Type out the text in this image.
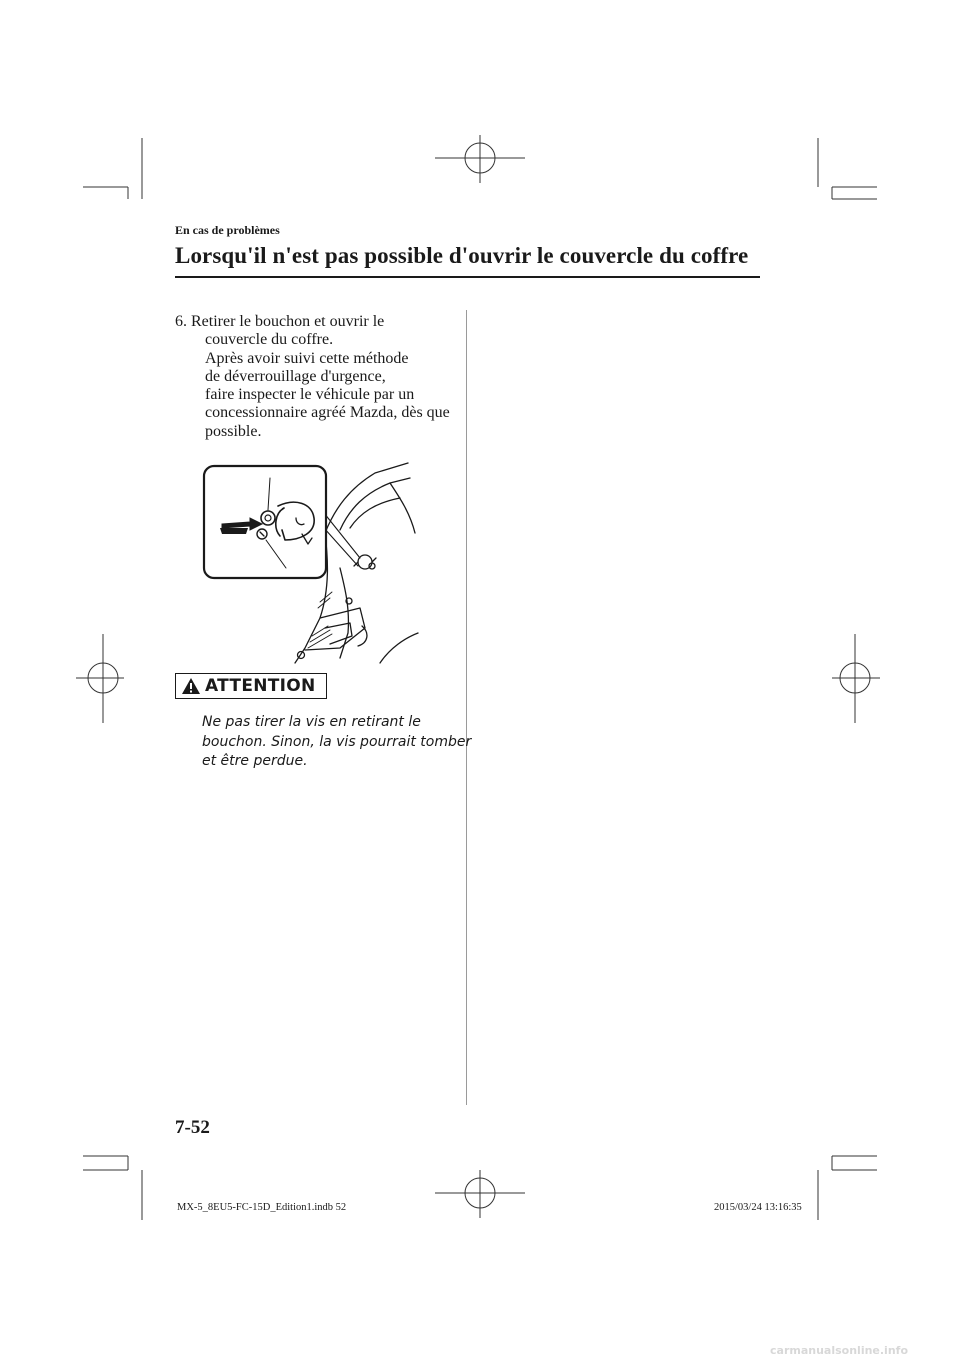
En cas de problèmes
Lorsqu'il n'est pas possible d'ouvrir le couvercle du coffre
6. Retirer le bouchon et ouvrir le
couvercle du coffre.
Après avoir suivi cette méthode
de déverrouillage d'urgence,
faire inspecter le véhicule par un
concessionnaire agréé Mazda, dès que
possible.
ATTENTION
Ne pas tirer la vis en retirant le
bouchon. Sinon, la vis pourrait tomber
et être perdue.
7-52
MX-5_8EU5-FC-15D_Edition1.indb 52	2015/03/24 13:16:35
carmanualsonline.info
